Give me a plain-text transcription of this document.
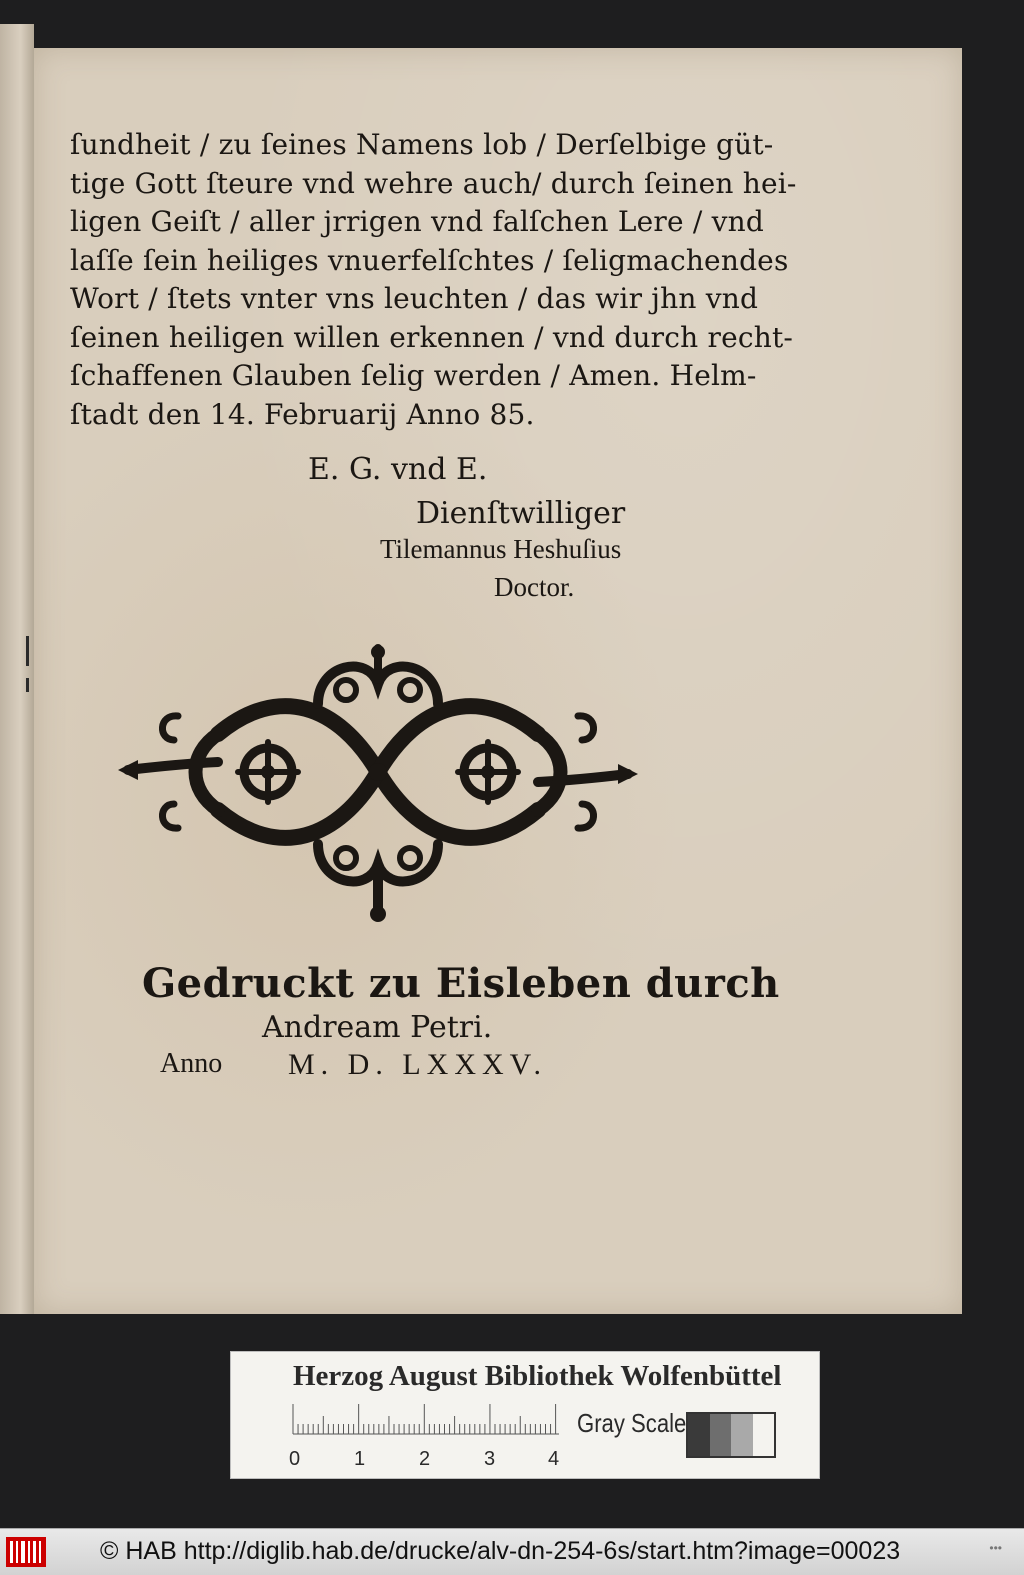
ſundheit / zu ſeines Namens lob / Derſelbige güt-
tige Gott ſteure vnd wehre auch/ durch ſeinen hei-
ligen Geiſt / aller jrrigen vnd falſchen Lere / vnd
laſſe ſein heiliges vnuerfelſchtes / ſeligmachendes
Wort / ſtets vnter vns leuchten / das wir jhn vnd
ſeinen heiligen willen erkennen / vnd durch recht-
ſchaffenen Glauben ſelig werden / Amen. Helm-
ſtadt den 14. Februarij Anno 85.
E. G. vnd E.
Dienſtwilliger
Tilemannus Heshuſius
Doctor.
Gedruckt zu Eisleben durch
Andream Petri.
Anno M. D. LXXXV.
Herzog August Bibliothek Wolfenbüttel
0	1	2	3	4
Gray Scale
© HAB http://diglib.hab.de/drucke/alv-dn-254-6s/start.htm?image=00023	•••
